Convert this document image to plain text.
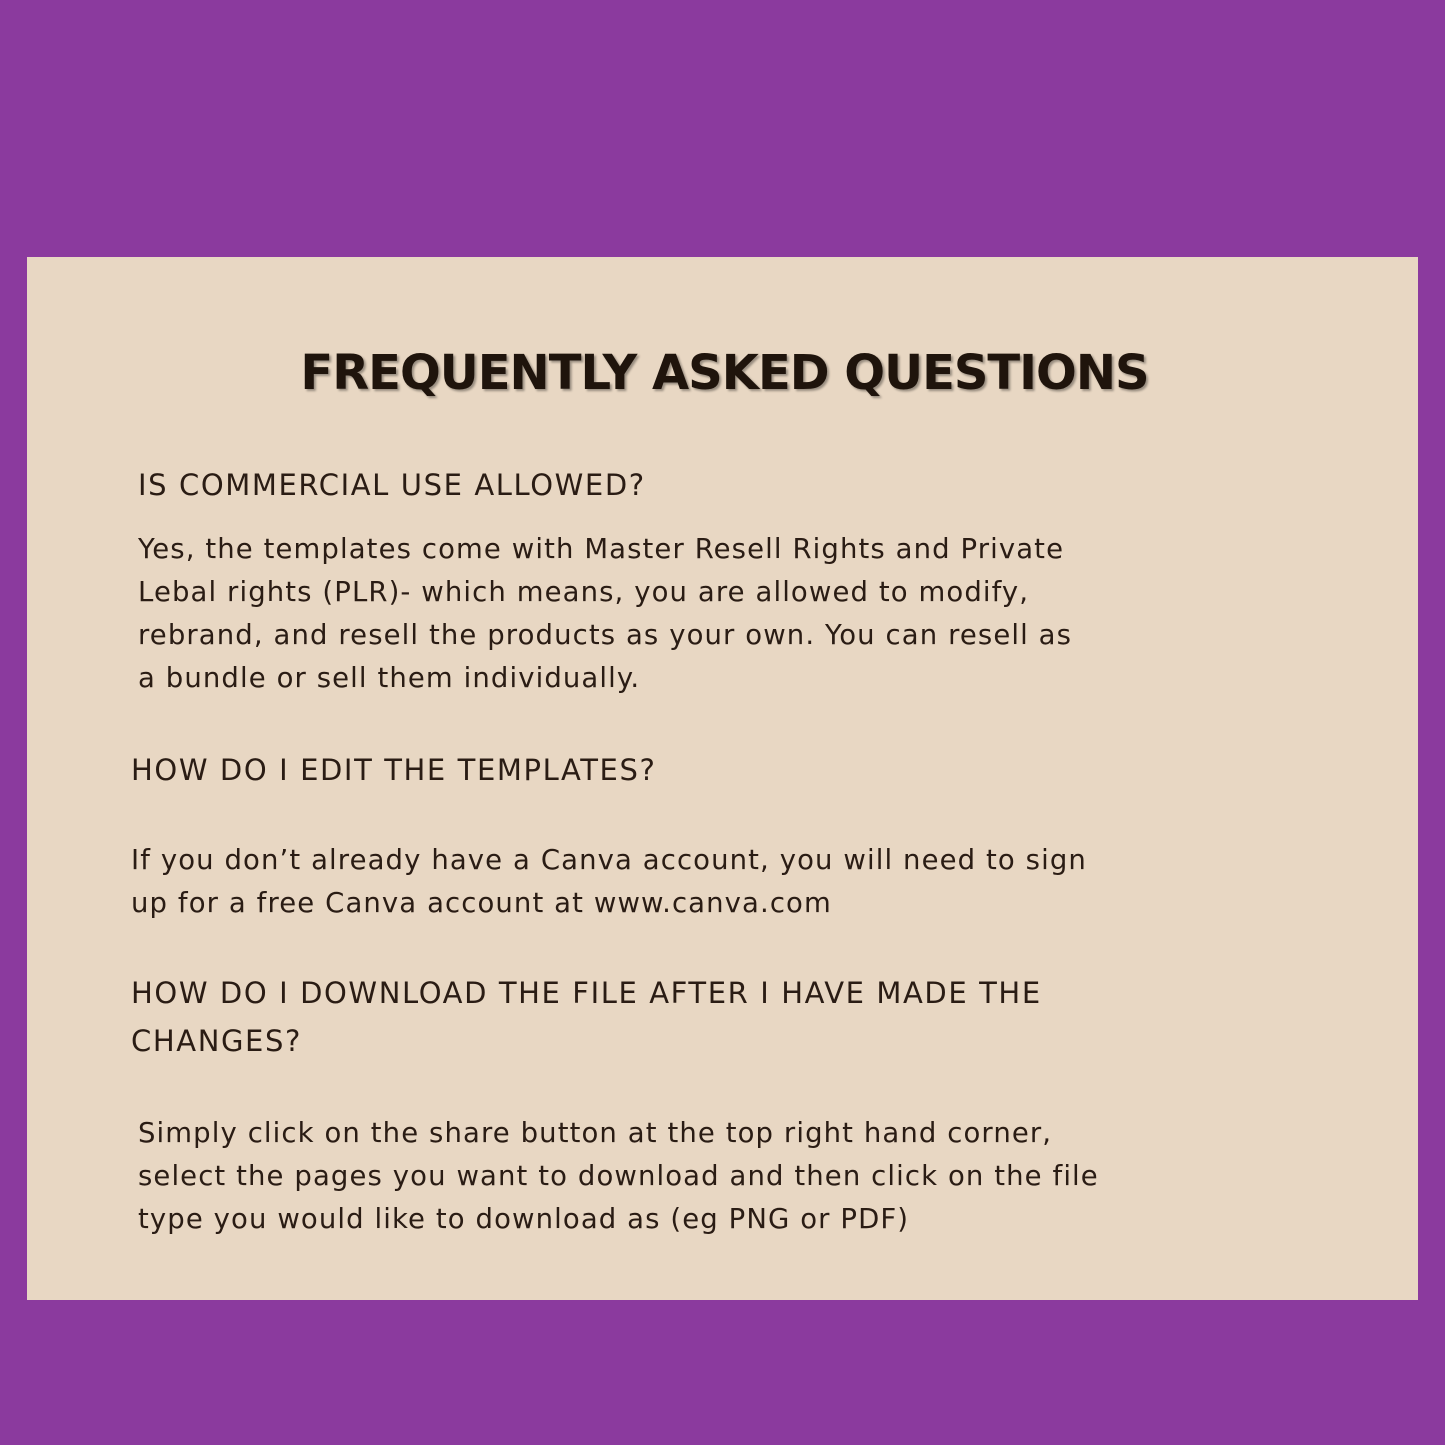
FREQUENTLY ASKED QUESTIONS
IS COMMERCIAL USE ALLOWED?
Yes, the templates come with Master Resell Rights and Private
Lebal rights (PLR)- which means, you are allowed to modify,
rebrand, and resell the products as your own. You can resell as
a bundle or sell them individually.
HOW DO I EDIT THE TEMPLATES?
If you don’t already have a Canva account, you will need to sign
up for a free Canva account at www.canva.com
HOW DO I DOWNLOAD THE FILE AFTER I HAVE MADE THE
CHANGES?
Simply click on the share button at the top right hand corner,
select the pages you want to download and then click on the file
type you would like to download as (eg PNG or PDF)
